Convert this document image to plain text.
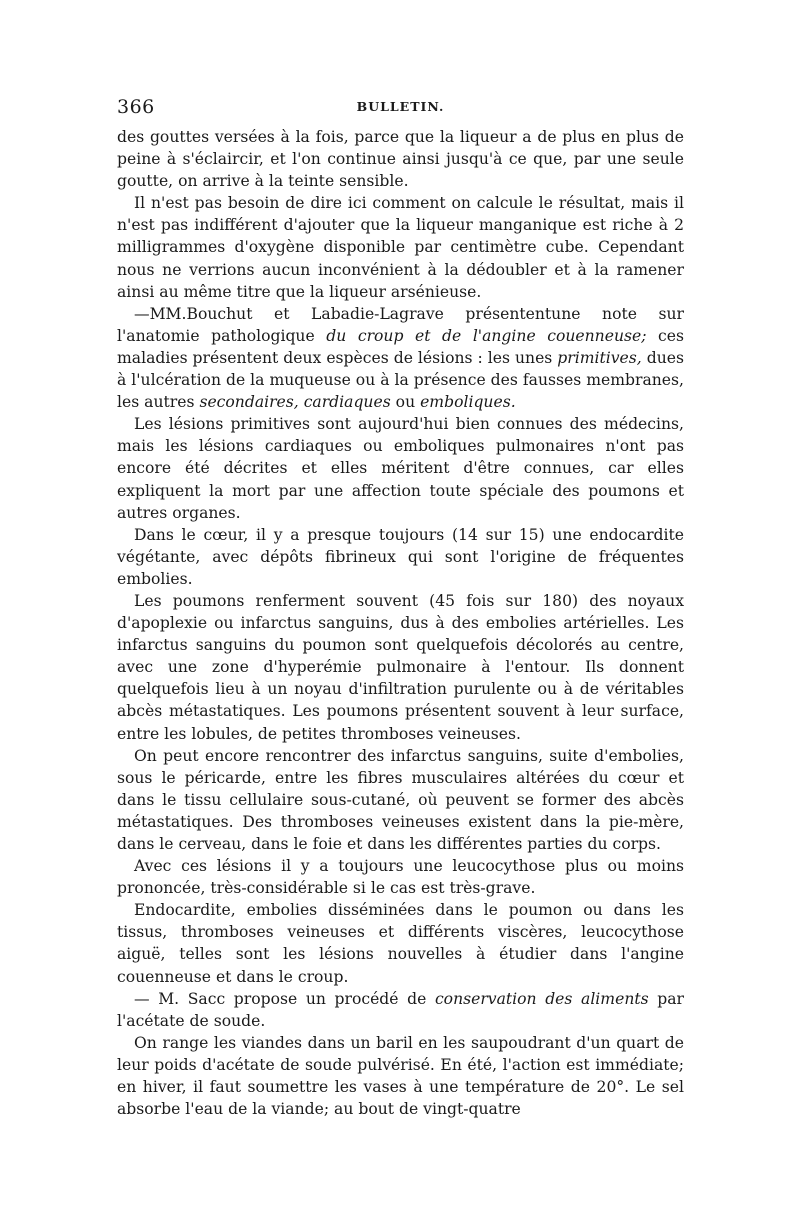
366	BULLETIN.

des gouttes versées à la fois, parce que la liqueur a de plus en plus de peine à s'éclaircir, et l'on continue ainsi jusqu'à ce que, par une seule goutte, on arrive à la teinte sensible.

Il n'est pas besoin de dire ici comment on calcule le résultat, mais il n'est pas indifférent d'ajouter que la liqueur manganique est riche à 2 milligrammes d'oxygène disponible par centimètre cube. Cependant nous ne verrions aucun inconvénient à la dédoubler et à la ramener ainsi au même titre que la liqueur arsénieuse.

—MM.Bouchut et Labadie-Lagrave présententune note sur l'anatomie pathologique du croup et de l'angine couenneuse; ces maladies présentent deux espèces de lésions : les unes primitives, dues à l'ulcération de la muqueuse ou à la présence des fausses membranes, les autres secondaires, cardiaques ou emboliques.

Les lésions primitives sont aujourd'hui bien connues des médecins, mais les lésions cardiaques ou emboliques pulmonaires n'ont pas encore été décrites et elles méritent d'être connues, car elles expliquent la mort par une affection toute spéciale des poumons et autres organes.

Dans le cœur, il y a presque toujours (14 sur 15) une endocardite végétante, avec dépôts fibrineux qui sont l'origine de fréquentes embolies.

Les poumons renferment souvent (45 fois sur 180) des noyaux d'apoplexie ou infarctus sanguins, dus à des embolies artérielles. Les infarctus sanguins du poumon sont quelquefois décolorés au centre, avec une zone d'hyperémie pulmonaire à l'entour. Ils donnent quelquefois lieu à un noyau d'infiltration purulente ou à de véritables abcès métastatiques. Les poumons présentent souvent à leur surface, entre les lobules, de petites thromboses veineuses.

On peut encore rencontrer des infarctus sanguins, suite d'embolies, sous le péricarde, entre les fibres musculaires altérées du cœur et dans le tissu cellulaire sous-cutané, où peuvent se former des abcès métastatiques. Des thromboses veineuses existent dans la pie-mère, dans le cerveau, dans le foie et dans les différentes parties du corps.

Avec ces lésions il y a toujours une leucocythose plus ou moins prononcée, très-considérable si le cas est très-grave.

Endocardite, embolies disséminées dans le poumon ou dans les tissus, thromboses veineuses et différents viscères, leucocythose aiguë, telles sont les lésions nouvelles à étudier dans l'angine couenneuse et dans le croup.

— M. Sacc propose un procédé de conservation des aliments par l'acétate de soude.

On range les viandes dans un baril en les saupoudrant d'un quart de leur poids d'acétate de soude pulvérisé. En été, l'action est immédiate; en hiver, il faut soumettre les vases à une température de 20°. Le sel absorbe l'eau de la viande; au bout de vingt-quatre
